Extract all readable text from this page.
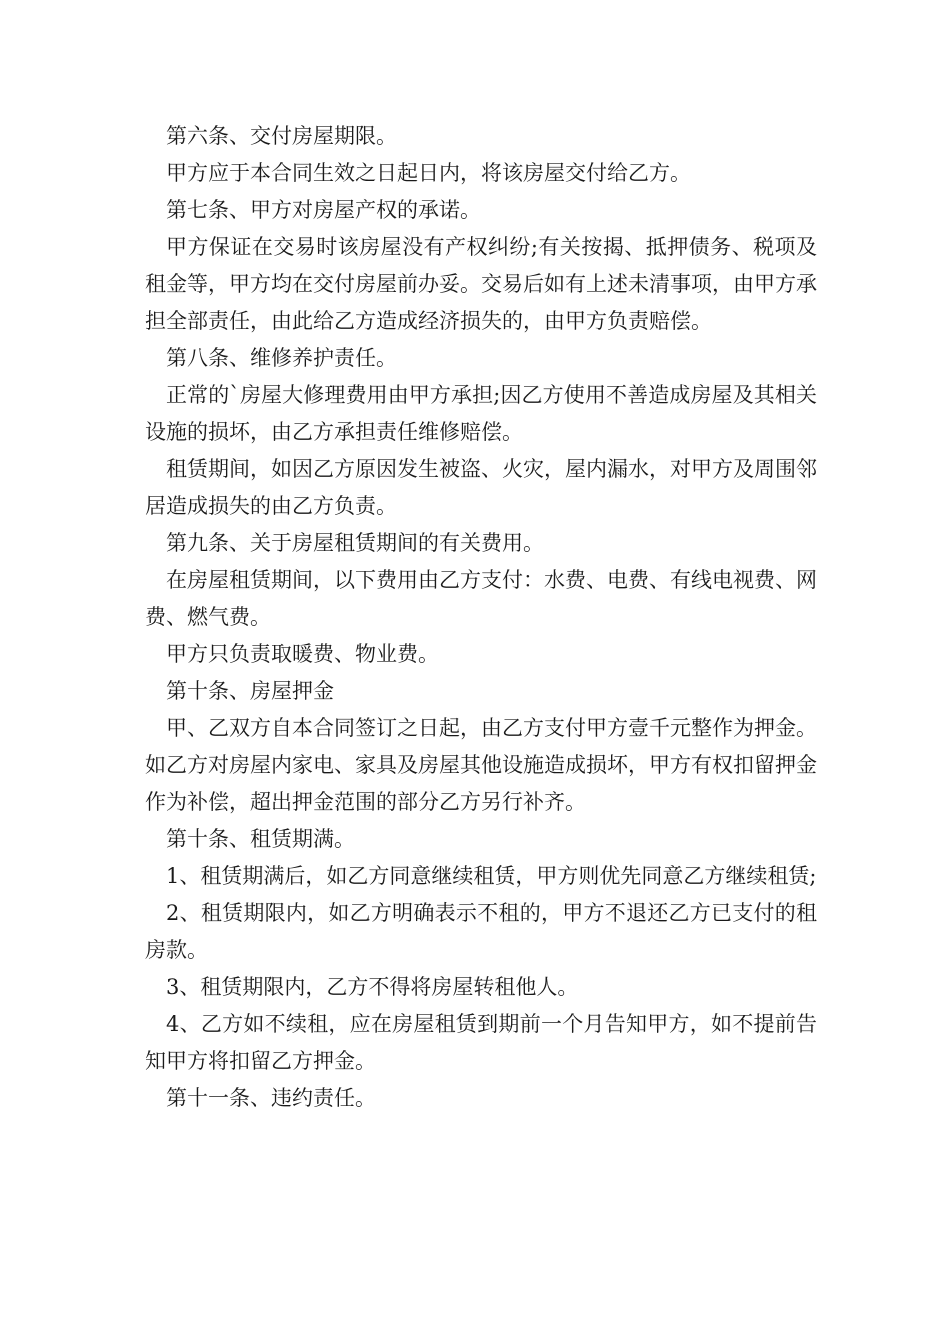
第六条、交付房屋期限。

甲方应于本合同生效之日起日内，将该房屋交付给乙方。

第七条、甲方对房屋产权的承诺。

甲方保证在交易时该房屋没有产权纠纷;有关按揭、抵押债务、税项及租金等，甲方均在交付房屋前办妥。交易后如有上述未清事项，由甲方承担全部责任，由此给乙方造成经济损失的，由甲方负责赔偿。

第八条、维修养护责任。

正常的`房屋大修理费用由甲方承担;因乙方使用不善造成房屋及其相关设施的损坏，由乙方承担责任维修赔偿。

租赁期间，如因乙方原因发生被盗、火灾，屋内漏水，对甲方及周围邻居造成损失的由乙方负责。

第九条、关于房屋租赁期间的有关费用。

在房屋租赁期间，以下费用由乙方支付：水费、电费、有线电视费、网费、燃气费。

甲方只负责取暖费、物业费。

第十条、房屋押金

甲、乙双方自本合同签订之日起，由乙方支付甲方壹千元整作为押金。如乙方对房屋内家电、家具及房屋其他设施造成损坏，甲方有权扣留押金作为补偿，超出押金范围的部分乙方另行补齐。

第十条、租赁期满。

1、租赁期满后，如乙方同意继续租赁，甲方则优先同意乙方继续租赁;

2、租赁期限内，如乙方明确表示不租的，甲方不退还乙方已支付的租房款。

3、租赁期限内，乙方不得将房屋转租他人。

4、乙方如不续租，应在房屋租赁到期前一个月告知甲方，如不提前告知甲方将扣留乙方押金。

第十一条、违约责任。
